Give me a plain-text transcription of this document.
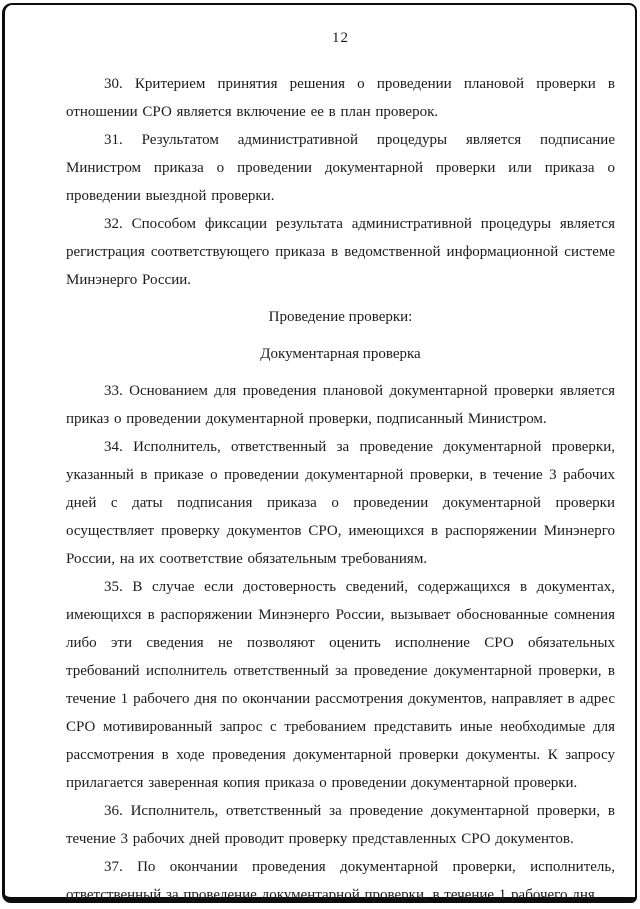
12

30. Критерием принятия решения о проведении плановой проверки в отношении СРО является включение ее в план проверок.

31. Результатом административной процедуры является подписание Министром приказа о проведении документарной проверки или приказа о проведении выездной проверки.

32. Способом фиксации результата административной процедуры является регистрация соответствующего приказа в ведомственной информационной системе Минэнерго России.

Проведение проверки:
Документарная проверка

33. Основанием для проведения плановой документарной проверки является приказ о проведении документарной проверки, подписанный Министром.

34. Исполнитель, ответственный за проведение документарной проверки, указанный в приказе о проведении документарной проверки, в течение 3 рабочих дней с даты подписания приказа о проведении документарной проверки осуществляет проверку документов СРО, имеющихся в распоряжении Минэнерго России, на их соответствие обязательным требованиям.

35. В случае если достоверность сведений, содержащихся в документах, имеющихся в распоряжении Минэнерго России, вызывает обоснованные сомнения либо эти сведения не позволяют оценить исполнение СРО обязательных требований исполнитель ответственный за проведение документарной проверки, в течение 1 рабочего дня по окончании рассмотрения документов, направляет в адрес СРО мотивированный запрос с требованием представить иные необходимые для рассмотрения в ходе проведения документарной проверки документы. К запросу прилагается заверенная копия приказа о проведении документарной проверки.

36. Исполнитель, ответственный за проведение документарной проверки, в течение 3 рабочих дней проводит проверку представленных СРО документов.

37. По окончании проведения документарной проверки, исполнитель, ответственный за проведение документарной проверки, в течение 1 рабочего дня
